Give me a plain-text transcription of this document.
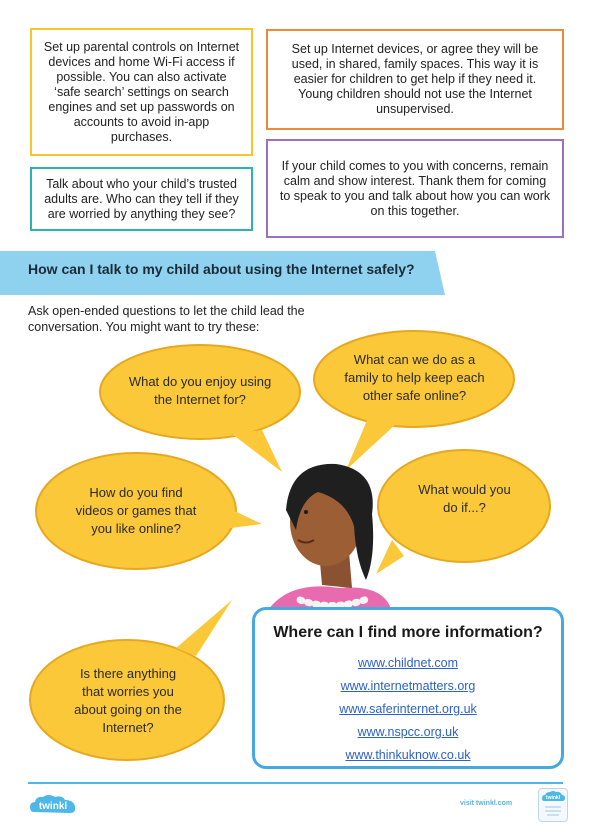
Set up parental controls on Internet devices and home Wi-Fi access if possible. You can also activate ‘safe search’ settings on search engines and set up passwords on accounts to avoid in-app purchases.
Set up Internet devices, or agree they will be used, in shared, family spaces. This way it is easier for children to get help if they need it. Young children should not use the Internet unsupervised.
Talk about who your child’s trusted adults are. Who can they tell if they are worried by anything they see?
If your child comes to you with concerns, remain calm and show interest. Thank them for coming to speak to you and talk about how you can work on this together.
How can I talk to my child about using the Internet safely?
Ask open-ended questions to let the child lead the conversation. You might want to try these:
What do you enjoy using the Internet for?
What can we do as a family to help keep each other safe online?
How do you find videos or games that you like online?
What would you do if...?
Is there anything that worries you about going on the Internet?
Where can I find more information?
www.childnet.com
www.internetmatters.org
www.saferinternet.org.uk
www.nspcc.org.uk
www.thinkuknow.co.uk
twinkl	visit twinkl.com
twinkl
